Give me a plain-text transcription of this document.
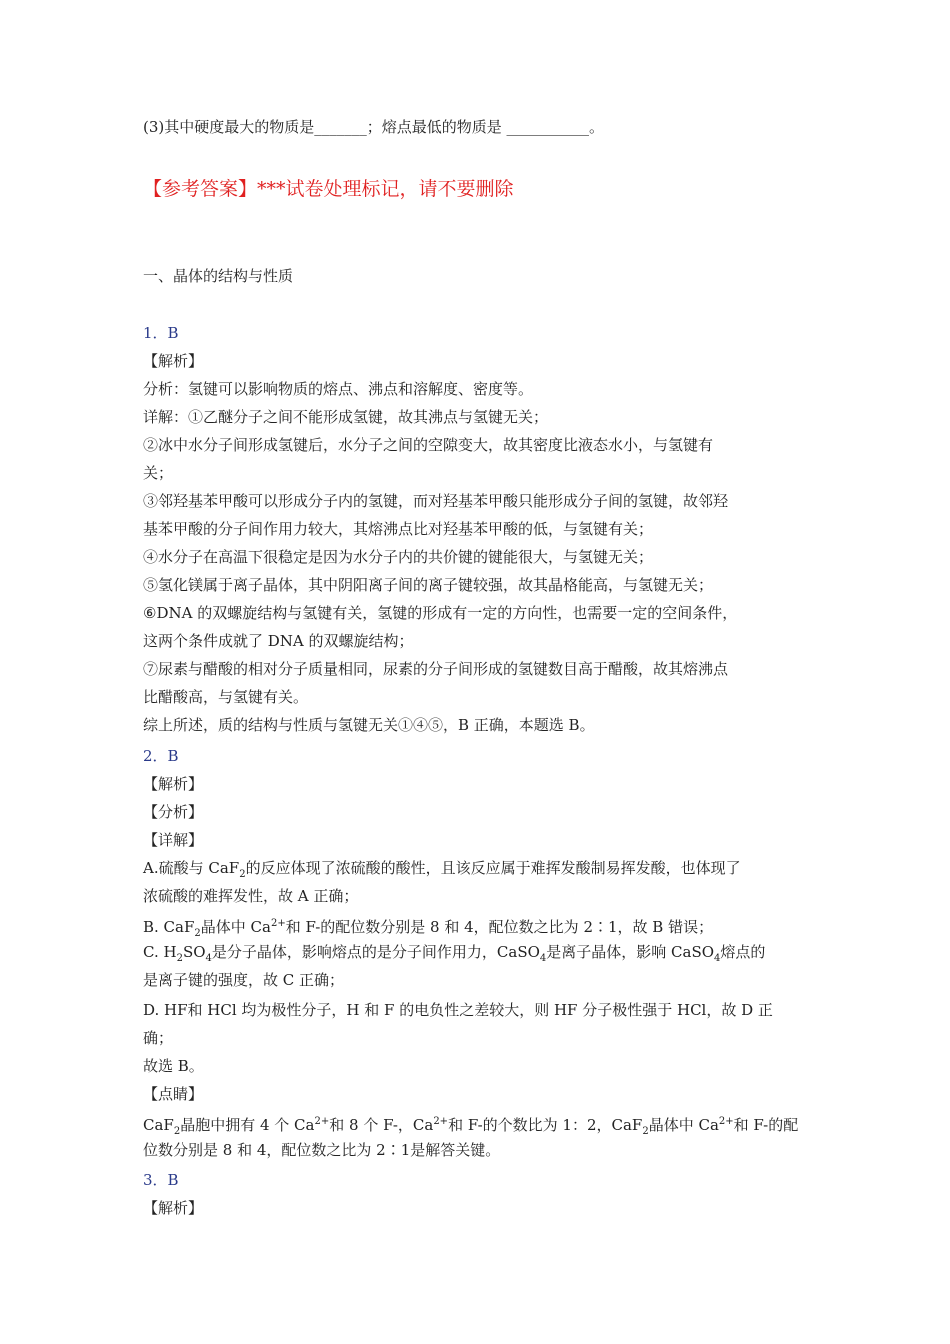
(3)其中硬度最大的物质是_______；熔点最低的物质是 ___________。
【参考答案】***试卷处理标记，请不要删除
一、晶体的结构与性质
1．B
【解析】
分析：氢键可以影响物质的熔点、沸点和溶解度、密度等。
详解：①乙醚分子之间不能形成氢键，故其沸点与氢键无关；
②冰中水分子间形成氢键后，水分子之间的空隙变大，故其密度比液态水小，与氢键有
关；
③邻羟基苯甲酸可以形成分子内的氢键，而对羟基苯甲酸只能形成分子间的氢键，故邻羟
基苯甲酸的分子间作用力较大，其熔沸点比对羟基苯甲酸的低，与氢键有关；
④水分子在高温下很稳定是因为水分子内的共价键的键能很大，与氢键无关；
⑤氢化镁属于离子晶体，其中阴阳离子间的离子键较强，故其晶格能高，与氢键无关；
⑥DNA 的双螺旋结构与氢键有关，氢键的形成有一定的方向性，也需要一定的空间条件，
这两个条件成就了 DNA 的双螺旋结构；
⑦尿素与醋酸的相对分子质量相同，尿素的分子间形成的氢键数目高于醋酸，故其熔沸点
比醋酸高，与氢键有关。
综上所述，质的结构与性质与氢键无关①④⑤，B 正确，本题选 B。
2．B
【解析】
【分析】
【详解】
A.硫酸与 CaF$_2$的反应体现了浓硫酸的酸性，且该反应属于难挥发酸制易挥发酸，也体现了
浓硫酸的难挥发性，故 A 正确；
B. CaF$_2$晶体中 $Ca^{2+}$和 F-的配位数分别是 8 和 4，配位数之比为 2∶1，故 B 错误；
C. $H_2SO_4$是分子晶体，影响熔点的是分子间作用力，CaSO$_4$是离子晶体，影响 CaSO$_4$熔点的
是离子键的强度，故 C 正确；
D. HF和 HCl 均为极性分子，H 和 F 的电负性之差较大，则 HF 分子极性强于 HCl，故 D 正
确；
故选 B。
【点睛】
CaF$_2$晶胞中拥有 4 个 $Ca^{2+}$和 8 个 F-，$Ca^{2+}$和 F-的个数比为 1：2，CaF$_2$晶体中 $Ca^{2+}$和 F-的配
位数分别是 8 和 4，配位数之比为 2∶1是解答关键。
3．B
【解析】
